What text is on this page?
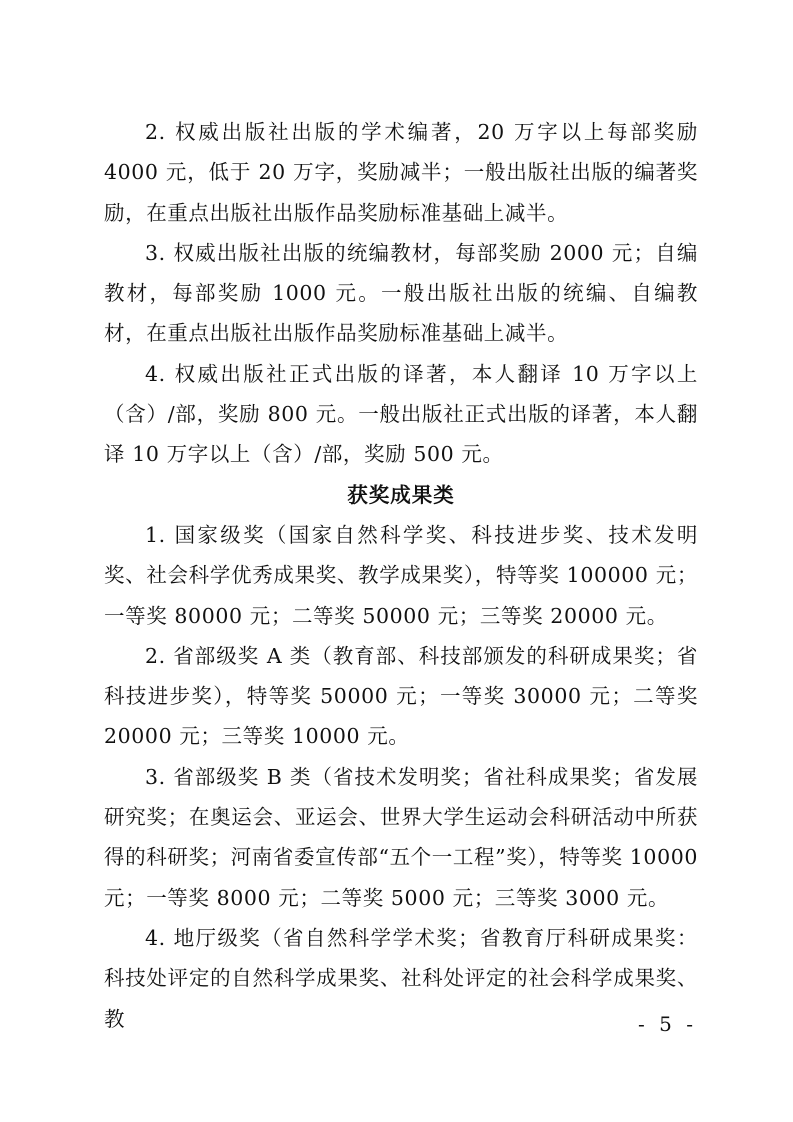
2. 权威出版社出版的学术编著，20 万字以上每部奖励 4000 元，低于 20 万字，奖励减半；一般出版社出版的编著奖励，在重点出版社出版作品奖励标准基础上减半。

3. 权威出版社出版的统编教材，每部奖励 2000 元；自编教材，每部奖励 1000 元。一般出版社出版的统编、自编教材，在重点出版社出版作品奖励标准基础上减半。

4. 权威出版社正式出版的译著，本人翻译 10 万字以上（含）/部，奖励 800 元。一般出版社正式出版的译著，本人翻译 10 万字以上（含）/部，奖励 500 元。

获奖成果类

1. 国家级奖（国家自然科学奖、科技进步奖、技术发明奖、社会科学优秀成果奖、教学成果奖），特等奖 100000 元；一等奖 80000 元；二等奖 50000 元；三等奖 20000 元。

2. 省部级奖 A 类（教育部、科技部颁发的科研成果奖；省科技进步奖），特等奖 50000 元；一等奖 30000 元；二等奖 20000 元；三等奖 10000 元。

3. 省部级奖 B 类（省技术发明奖；省社科成果奖；省发展研究奖；在奥运会、亚运会、世界大学生运动会科研活动中所获得的科研奖；河南省委宣传部“五个一工程”奖），特等奖 10000 元；一等奖 8000 元；二等奖 5000 元；三等奖 3000 元。

4. 地厅级奖（省自然科学学术奖；省教育厅科研成果奖：科技处评定的自然科学成果奖、社科处评定的社会科学成果奖、教	- 5 -
